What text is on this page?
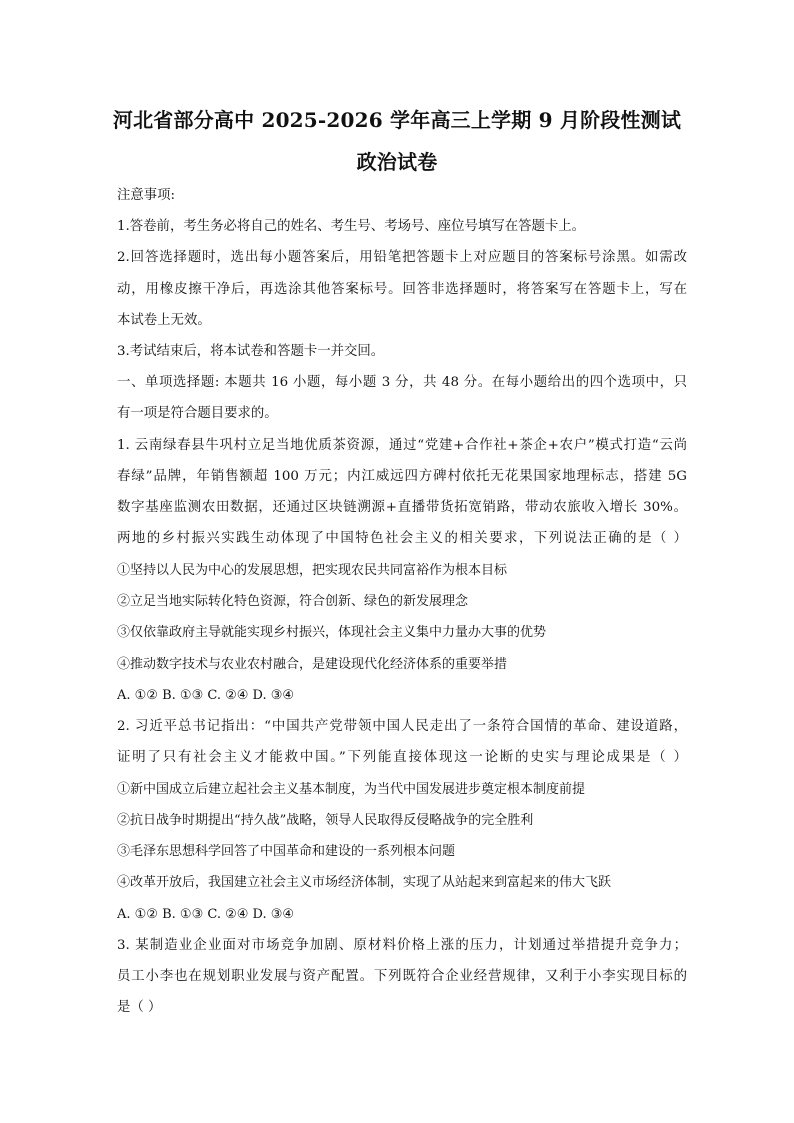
河北省部分高中 2025-2026 学年高三上学期 9 月阶段性测试
政治试卷
注意事项:
1.答卷前，考生务必将自己的姓名、考生号、考场号、座位号填写在答题卡上。
2.回答选择题时，选出每小题答案后，用铅笔把答题卡上对应题目的答案标号涂黑。如需改
动，用橡皮擦干净后，再选涂其他答案标号。回答非选择题时，将答案写在答题卡上，写在
本试卷上无效。
3.考试结束后，将本试卷和答题卡一并交回。
一、单项选择题: 本题共 16 小题，每小题 3 分，共 48 分。在每小题给出的四个选项中，只
有一项是符合题目要求的。
1. 云南绿春县牛巩村立足当地优质茶资源，通过“党建+合作社+茶企+农户”模式打造“云尚
春绿”品牌，年销售额超 100 万元；内江威远四方碑村依托无花果国家地理标志，搭建 5G
数字基座监测农田数据，还通过区块链溯源+直播带货拓宽销路，带动农旅收入增长 30%。
两地的乡村振兴实践生动体现了中国特色社会主义的相关要求，下列说法正确的是（ ）
①坚持以人民为中心的发展思想，把实现农民共同富裕作为根本目标
②立足当地实际转化特色资源，符合创新、绿色的新发展理念
③仅依靠政府主导就能实现乡村振兴，体现社会主义集中力量办大事的优势
④推动数字技术与农业农村融合，是建设现代化经济体系的重要举措
A. ①② B. ①③ C. ②④ D. ③④
2. 习近平总书记指出：“中国共产党带领中国人民走出了一条符合国情的革命、建设道路，
证明了只有社会主义才能救中国。”下列能直接体现这一论断的史实与理论成果是（ ）
①新中国成立后建立起社会主义基本制度，为当代中国发展进步奠定根本制度前提
②抗日战争时期提出“持久战”战略，领导人民取得反侵略战争的完全胜利
③毛泽东思想科学回答了中国革命和建设的一系列根本问题
④改革开放后，我国建立社会主义市场经济体制，实现了从站起来到富起来的伟大飞跃
A. ①② B. ①③ C. ②④ D. ③④
3. 某制造业企业面对市场竞争加剧、原材料价格上涨的压力，计划通过举措提升竞争力；
员工小李也在规划职业发展与资产配置。下列既符合企业经营规律，又利于小李实现目标的
是（ ）
